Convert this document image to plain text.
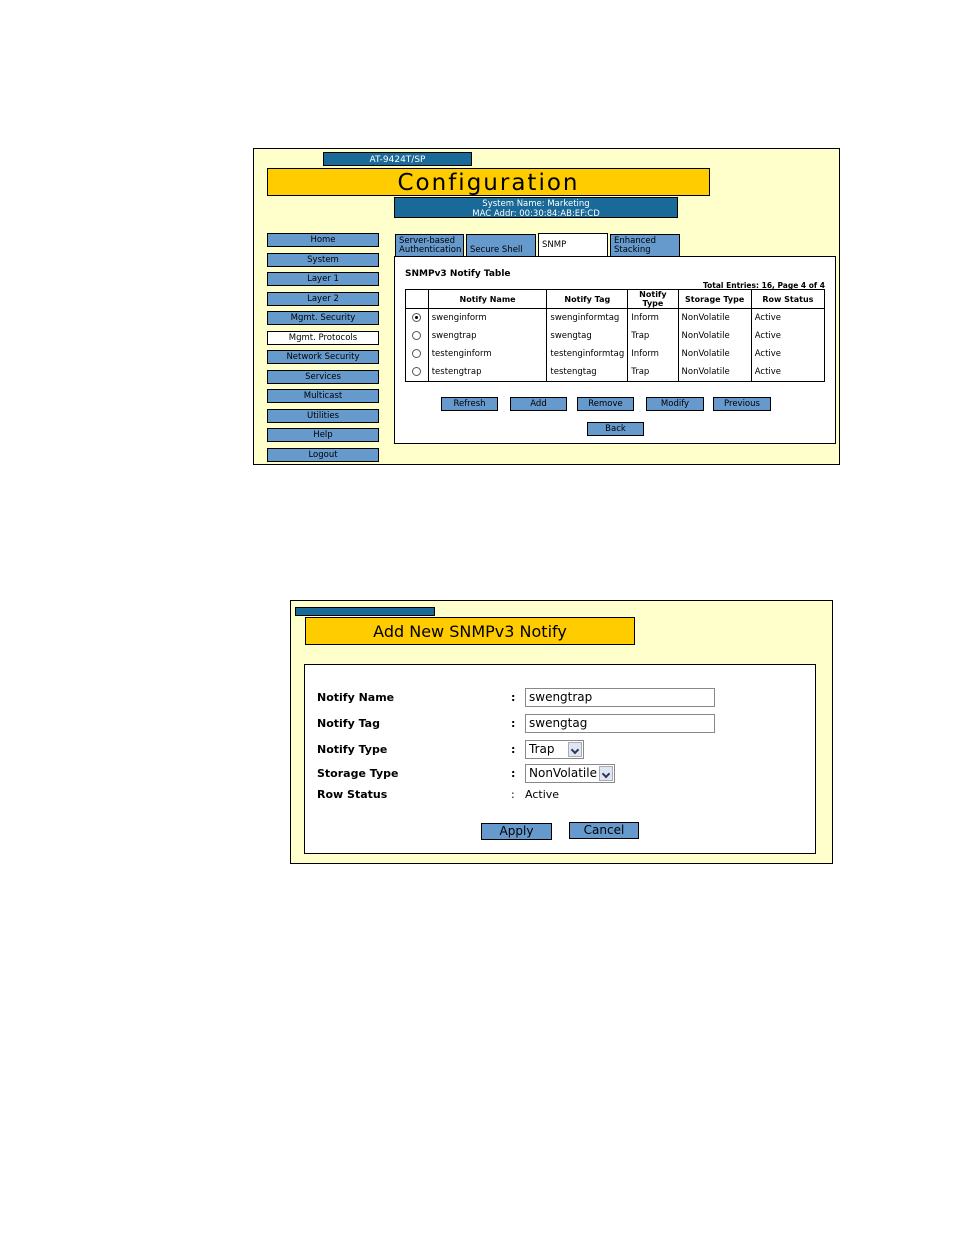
AT-9424T/SP
Configuration
System Name: Marketing
MAC Addr: 00:30:84:AB:EF:CD
Home
System
Layer 1
Layer 2
Mgmt. Security
Mgmt. Protocols
Network Security
Services
Multicast
Utilities
Help
Logout
Server-based
Authentication Secure Shell	SNMP	Enhanced
Stacking
SNMPv3 Notify Table
Total Entries: 16, Page 4 of 4
	Notify Name	Notify Tag	Notify Type	Storage Type	Row Status
	swenginform	swenginformtag	Inform	NonVolatile	Active
	swengtrap	swengtag	Trap	NonVolatile	Active
	testenginform	testenginformtag	Inform	NonVolatile	Active
	testengtrap	testengtag	Trap	NonVolatile	Active
Refresh	Add	Remove	Modify	Previous
Back
Add New SNMPv3 Notify
Notify Name	:	swengtrap
Notify Tag	:	swengtag
Notify Type	:	Trap
Storage Type	:	NonVolatile
Row Status	: Active
Apply	Cancel
